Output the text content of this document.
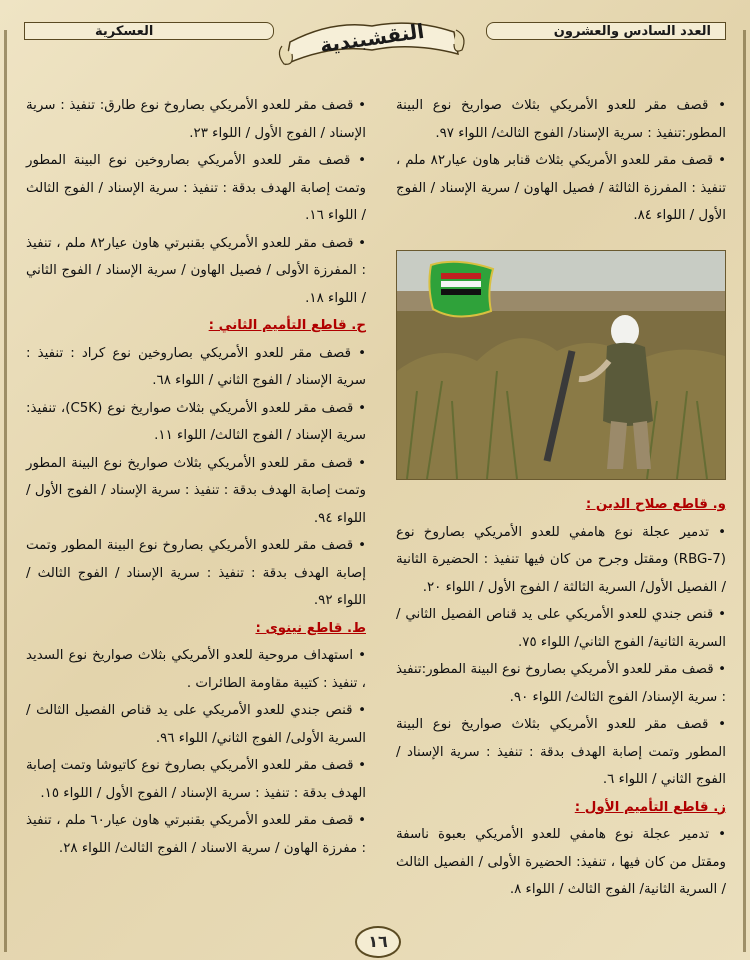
العسكرية	العدد السادس والعشرون
النقشبندية

• قصف مقر للعدو الأمريكي بصاروخ نوع طارق: تنفيذ : سرية الإسناد / الفوج الأول / اللواء ٢٣.

• قصف مقر للعدو الأمريكي بصاروخين نوع البينة المطور وتمت إصابة الهدف بدقة : تنفيذ : سرية الإسناد / الفوج الثالث / اللواء ١٦.

• قصف مقر للعدو الأمريكي بقنبرتي هاون عيار٨٢ ملم ، تنفيذ : المفرزة الأولى / فصيل الهاون / سرية الإسناد / الفوج الثاني / اللواء ١٨.

ح. قاطع التأميم الثاني :

• قصف مقر للعدو الأمريكي بصاروخين نوع كراد : تنفيذ : سرية الإسناد / الفوج الثاني / اللواء ٦٨.

• قصف مقر للعدو الأمريكي بثلاث صواريخ نوع (C5K)، تنفيذ: سرية الإسناد / الفوج الثالث/ اللواء ١١.

• قصف مقر للعدو الأمريكي بثلاث صواريخ نوع البينة المطور وتمت إصابة الهدف بدقة : تنفيذ : سرية الإسناد / الفوج الأول / اللواء ٩٤.

• قصف مقر للعدو الأمريكي بصاروخ نوع البينة المطور وتمت إصابة الهدف بدقة : تنفيذ : سرية الإسناد / الفوج الثالث / اللواء ٩٢.

ط. قاطع نينوى :

• استهداف مروحية للعدو الأمريكي بثلاث صواريخ نوع السديد ، تنفيذ : كتيبة مقاومة الطائرات .

• قنص جندي للعدو الأمريكي على يد قناص الفصيل الثالث / السرية الأولى/ الفوج الثاني/ اللواء ٩٦.

• قصف مقر للعدو الأمريكي بصاروخ نوع كاتيوشا وتمت إصابة الهدف بدقة : تنفيذ : سرية الإسناد / الفوج الأول / اللواء ١٥.

• قصف مقر للعدو الأمريكي بقنبرتي هاون عيار٦٠ ملم ، تنفيذ : مفرزة الهاون / سرية الاسناد / الفوج الثالث/ اللواء ٢٨.

• قصف مقر للعدو الأمريكي بثلاث صواريخ نوع البينة المطور:تنفيذ : سرية الإسناد/ الفوج الثالث/ اللواء ٩٧.

• قصف مقر للعدو الأمريكي بثلاث قنابر هاون عيار٨٢ ملم ، تنفيذ : المفرزة الثالثة / فصيل الهاون / سرية الإسناد / الفوج الأول / اللواء ٨٤.

و. قاطع صلاح الدين :

• تدمير عجلة نوع هامفي للعدو الأمريكي بصاروخ نوع (RBG-7) ومقتل وجرح من كان فيها تنفيذ : الحضيرة الثانية / الفصيل الأول/ السرية الثالثة / الفوج الأول / اللواء ٢٠.

• قنص جندي للعدو الأمريكي على يد قناص الفصيل الثاني / السرية الثانية/ الفوج الثاني/ اللواء ٧٥.

• قصف مقر للعدو الأمريكي بصاروخ نوع البينة المطور:تنفيذ : سرية الإسناد/ الفوج الثالث/ اللواء ٩٠.

• قصف مقر للعدو الأمريكي بثلاث صواريخ نوع البينة المطور وتمت إصابة الهدف بدقة : تنفيذ : سرية الإسناد / الفوج الثاني / اللواء ٦.

ز. قاطع التأميم الأول :

• تدمير عجلة نوع هامفي للعدو الأمريكي بعبوة ناسفة ومقتل من كان فيها ، تنفيذ: الحضيرة الأولى / الفصيل الثالث / السرية الثانية/ الفوج الثالث / اللواء ٨.

١٦
